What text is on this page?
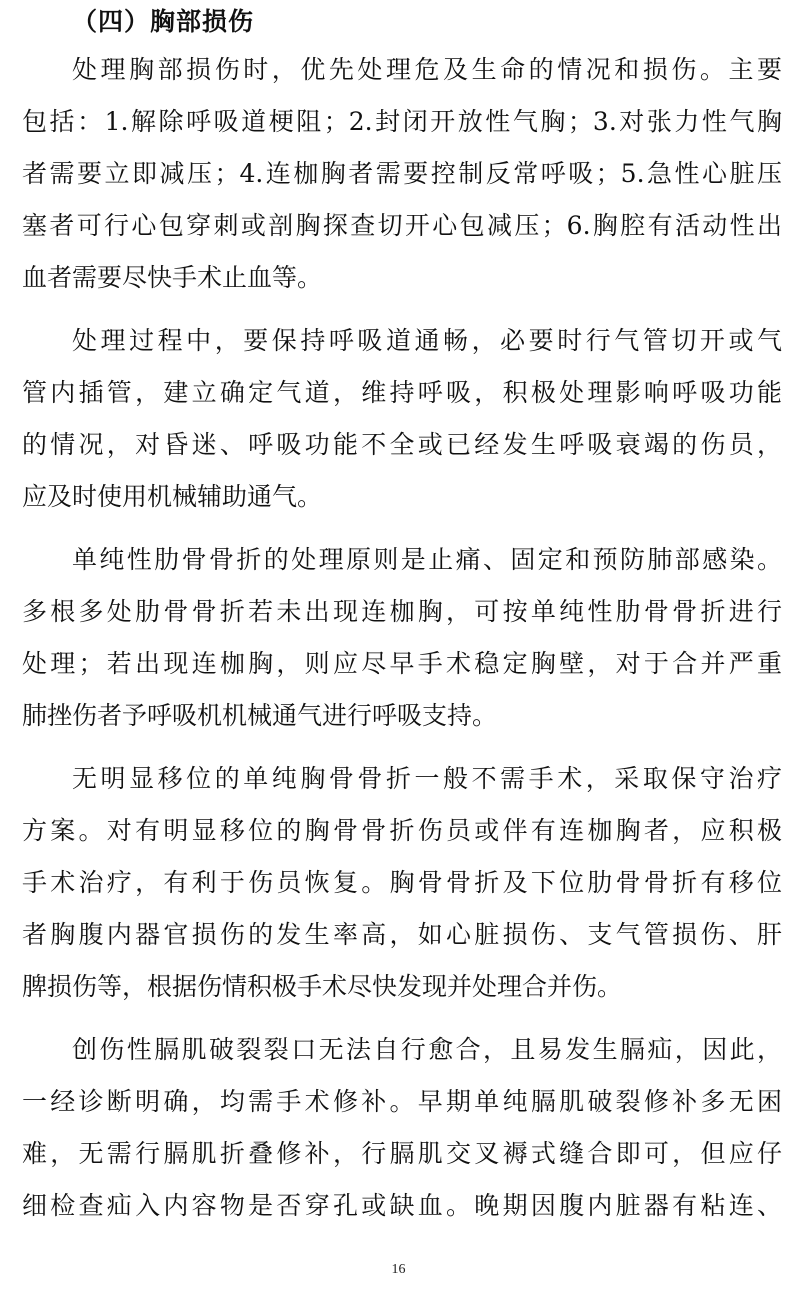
（四）胸部损伤
处理胸部损伤时，优先处理危及生命的情况和损伤。主要
包括：1.解除呼吸道梗阻；2.封闭开放性气胸；3.对张力性气胸
者需要立即减压；4.连枷胸者需要控制反常呼吸；5.急性心脏压
塞者可行心包穿刺或剖胸探查切开心包减压；6.胸腔有活动性出
血者需要尽快手术止血等。
处理过程中，要保持呼吸道通畅，必要时行气管切开或气
管内插管，建立确定气道，维持呼吸，积极处理影响呼吸功能
的情况，对昏迷、呼吸功能不全或已经发生呼吸衰竭的伤员，
应及时使用机械辅助通气。
单纯性肋骨骨折的处理原则是止痛、固定和预防肺部感染。
多根多处肋骨骨折若未出现连枷胸，可按单纯性肋骨骨折进行
处理；若出现连枷胸，则应尽早手术稳定胸壁，对于合并严重
肺挫伤者予呼吸机机械通气进行呼吸支持。
无明显移位的单纯胸骨骨折一般不需手术，采取保守治疗
方案。对有明显移位的胸骨骨折伤员或伴有连枷胸者，应积极
手术治疗，有利于伤员恢复。胸骨骨折及下位肋骨骨折有移位
者胸腹内器官损伤的发生率高，如心脏损伤、支气管损伤、肝
脾损伤等，根据伤情积极手术尽快发现并处理合并伤。
创伤性膈肌破裂裂口无法自行愈合，且易发生膈疝，因此，
一经诊断明确，均需手术修补。早期单纯膈肌破裂修补多无困
难，无需行膈肌折叠修补，行膈肌交叉褥式缝合即可，但应仔
细检查疝入内容物是否穿孔或缺血。晚期因腹内脏器有粘连、
16
